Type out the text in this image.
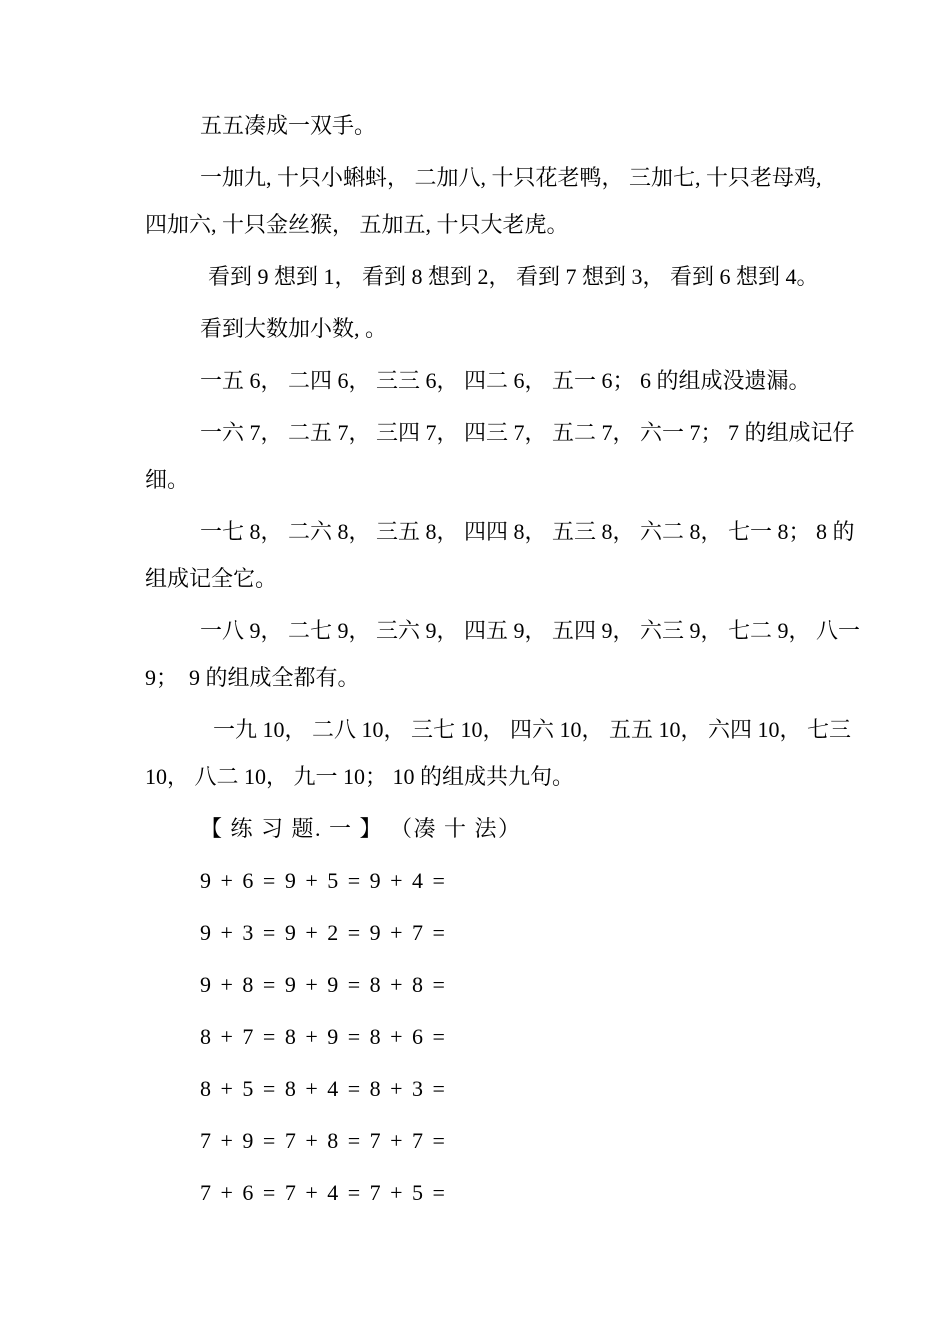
五五凑成一双手。

一加九, 十只小蝌蚪， 二加八, 十只花老鸭， 三加七, 十只老母鸡,
四加六, 十只金丝猴， 五加五, 十只大老虎。

看到 9 想到 1， 看到 8 想到 2， 看到 7 想到 3， 看到 6 想到 4。

看到大数加小数, 。

一五 6， 二四 6， 三三 6， 四二 6， 五一 6； 6 的组成没遗漏。

一六 7， 二五 7， 三四 7， 四三 7， 五二 7， 六一 7； 7 的组成记仔
细。

一七 8， 二六 8， 三五 8， 四四 8， 五三 8， 六二 8， 七一 8； 8 的
组成记全它。

一八 9， 二七 9， 三六 9， 四五 9， 五四 9， 六三 9， 七二 9， 八一
9；  9 的组成全都有。

一九 10， 二八 10， 三七 10， 四六 10， 五五 10， 六四 10， 七三
10， 八二 10， 九一 10； 10 的组成共九句。

【 练 习 题. 一 】 （凑 十 法）

9 + 6 = 9 + 5 = 9 + 4 =

9 + 3 = 9 + 2 = 9 + 7 =

9 + 8 = 9 + 9 = 8 + 8 =

8 + 7 = 8 + 9 = 8 + 6 =

8 + 5 = 8 + 4 = 8 + 3 =

7 + 9 = 7 + 8 = 7 + 7 =

7 + 6 = 7 + 4 = 7 + 5 =
